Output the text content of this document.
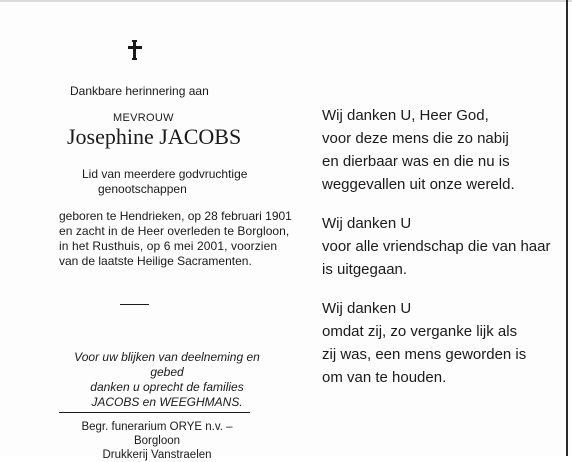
Dankbare herinnering aan
MEVROUW
Josephine JACOBS
Lid van meerdere godvruchtige
genootschappen
geboren te Hendrieken, op 28 februari 1901
en zacht in de Heer overleden te Borgloon,
in het Rusthuis, op 6 mei 2001, voorzien
van de laatste Heilige Sacramenten.
Voor uw blijken van deelneming en gebed
danken u oprecht de families
JACOBS en WEEGHMANS.
Begr. funerarium ORYE n.v. – Borgloon
Drukkerij Vanstraelen
Wij danken U, Heer God,
voor deze mens die zo nabij
en dierbaar was en die nu is
weggevallen uit onze wereld.
Wij danken U
voor alle vriendschap die van haar
is uitgegaan.
Wij danken U
omdat zij, zo verganke lijk als
zij was, een mens geworden is
om van te houden.
